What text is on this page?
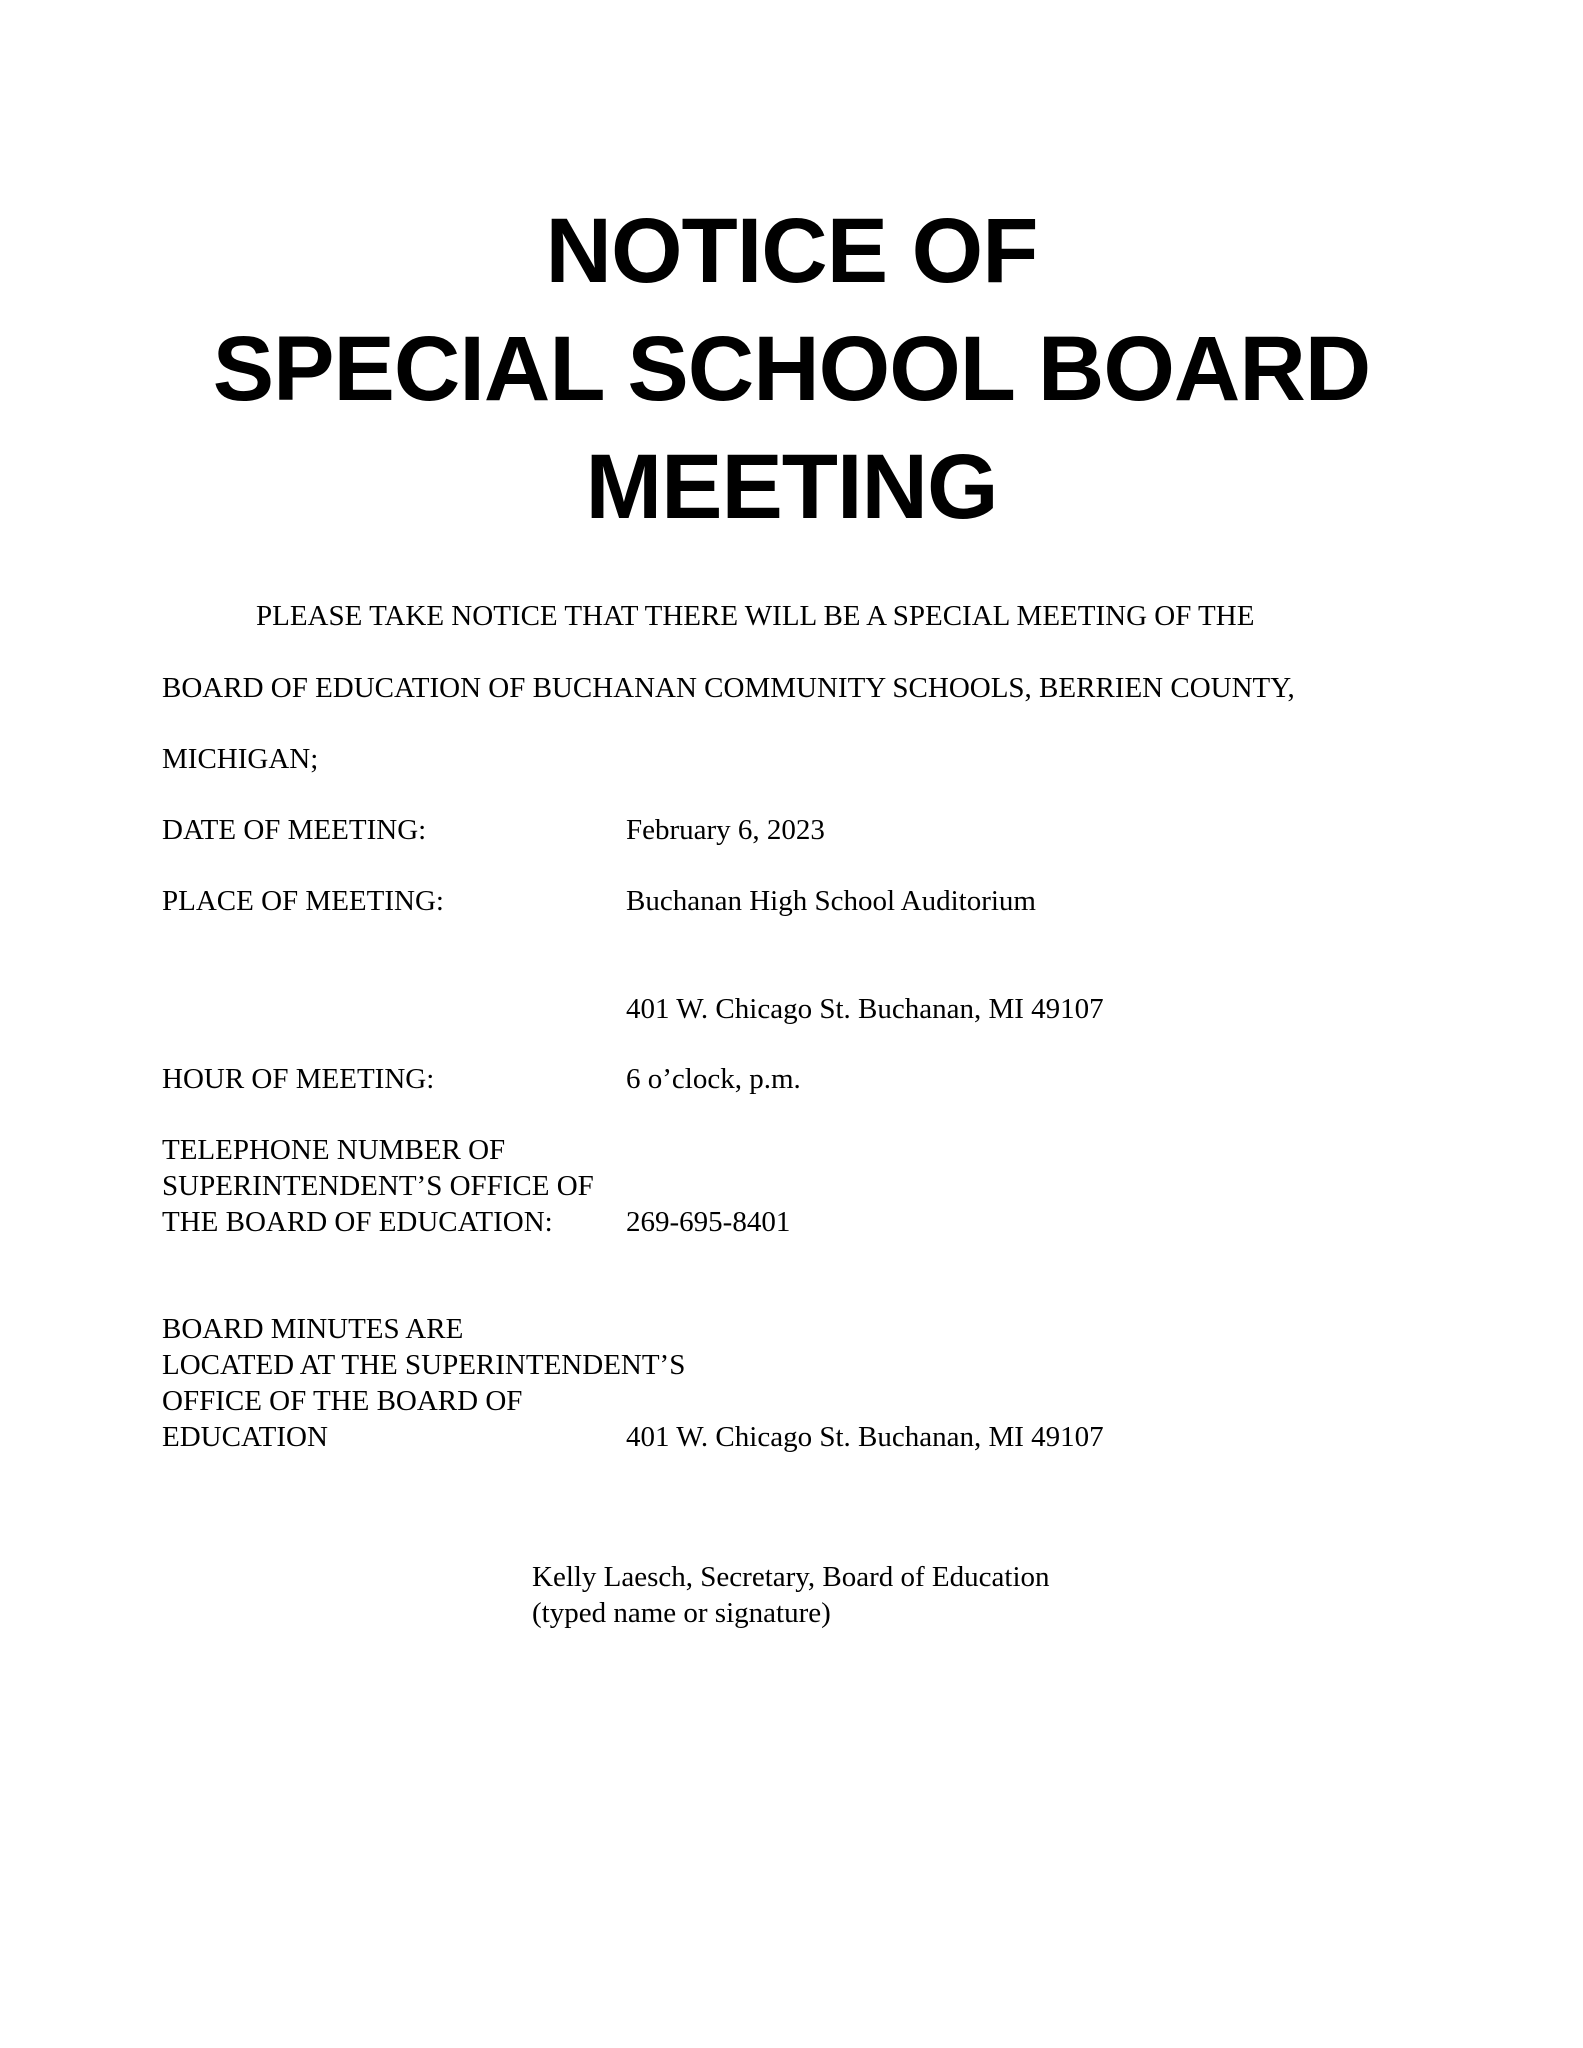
NOTICE OF
SPECIAL SCHOOL BOARD
MEETING
PLEASE TAKE NOTICE THAT THERE WILL BE A SPECIAL MEETING OF THE
BOARD OF EDUCATION OF BUCHANAN COMMUNITY SCHOOLS, BERRIEN COUNTY,
MICHIGAN;
DATE OF MEETING:	February 6, 2023
PLACE OF MEETING:	Buchanan High School Auditorium
401 W. Chicago St. Buchanan, MI 49107
HOUR OF MEETING:	6 o’clock, p.m.
TELEPHONE NUMBER OF
SUPERINTENDENT’S OFFICE OF
THE BOARD OF EDUCATION:	269-695-8401
BOARD MINUTES ARE
LOCATED AT THE SUPERINTENDENT’S
OFFICE OF THE BOARD OF
EDUCATION	401 W. Chicago St. Buchanan, MI 49107
Kelly Laesch, Secretary, Board of Education
(typed name or signature)
